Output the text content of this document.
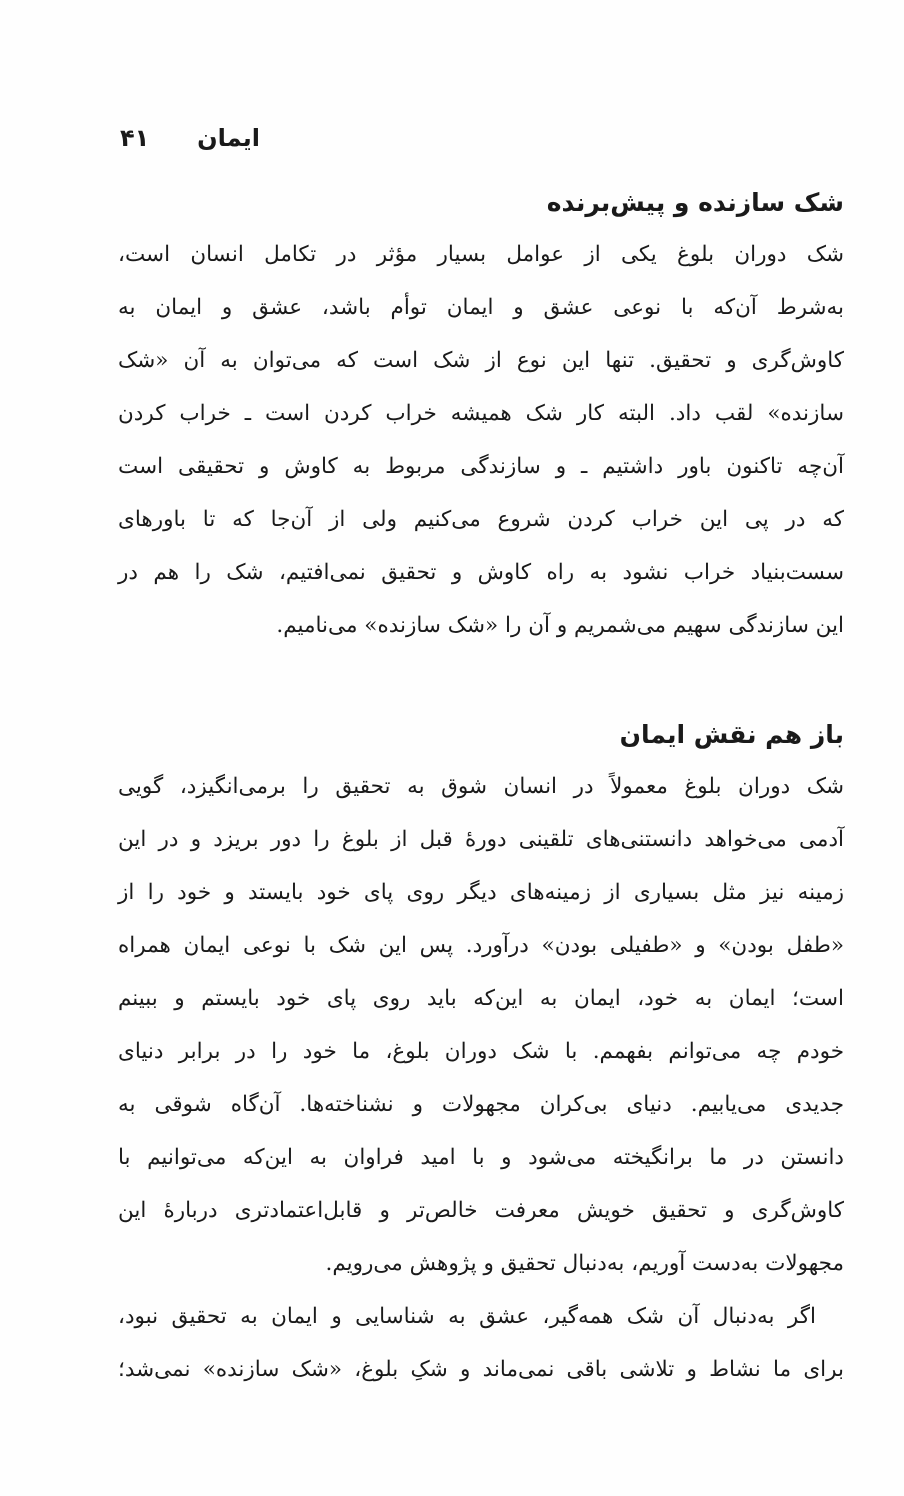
ایمان
۴۱
شک سازنده و پیش‌برنده
شک دوران بلوغ یکی از عوامل بسیار مؤثر در تکامل انسان است،
به‌شرط آن‌که با نوعی عشق و ایمان توأم باشد، عشق و ایمان به
کاوش‌گری و تحقیق. تنها این نوع از شک است که می‌توان به آن «شک
سازنده» لقب داد. البته کار شک همیشه خراب کردن است ـ خراب کردن
آن‌چه تاکنون باور داشتیم ـ و سازندگی مربوط به کاوش و تحقیقی است
که در پی این خراب کردن شروع می‌کنیم ولی از آن‌جا که تا باورهای
سست‌بنیاد خراب نشود به راه کاوش و تحقیق نمی‌افتیم، شک را هم در
این سازندگی سهیم می‌شمریم و آن را «شک سازنده» می‌نامیم.
باز هم نقش ایمان
شک دوران بلوغ معمولاً در انسان شوق به تحقیق را برمی‌انگیزد، گویی
آدمی می‌خواهد دانستنی‌های تلقینی دورهٔ قبل از بلوغ را دور بریزد و در این
زمینه نیز مثل بسیاری از زمینه‌های دیگر روی پای خود بایستد و خود را از
«طفل بودن» و «طفیلی بودن» درآورد. پس این شک با نوعی ایمان همراه
است؛ ایمان به خود، ایمان به این‌که باید روی پای خود بایستم و ببینم
خودم چه می‌توانم بفهمم. با شک دوران بلوغ، ما خود را در برابر دنیای
جدیدی می‌یابیم. دنیای بی‌کران مجهولات و نشناخته‌ها. آن‌گاه شوقی به
دانستن در ما برانگیخته می‌شود و با امید فراوان به این‌که می‌توانیم با
کاوش‌گری و تحقیق خویش معرفت خالص‌تر و قابل‌اعتمادتری دربارهٔ این
مجهولات به‌دست آوریم، به‌دنبال تحقیق و پژوهش می‌رویم.
اگر به‌دنبال آن شک همه‌گیر، عشق به شناسایی و ایمان به تحقیق نبود،
برای ما نشاط و تلاشی باقی نمی‌ماند و شکِ بلوغ، «شک سازنده» نمی‌شد؛
